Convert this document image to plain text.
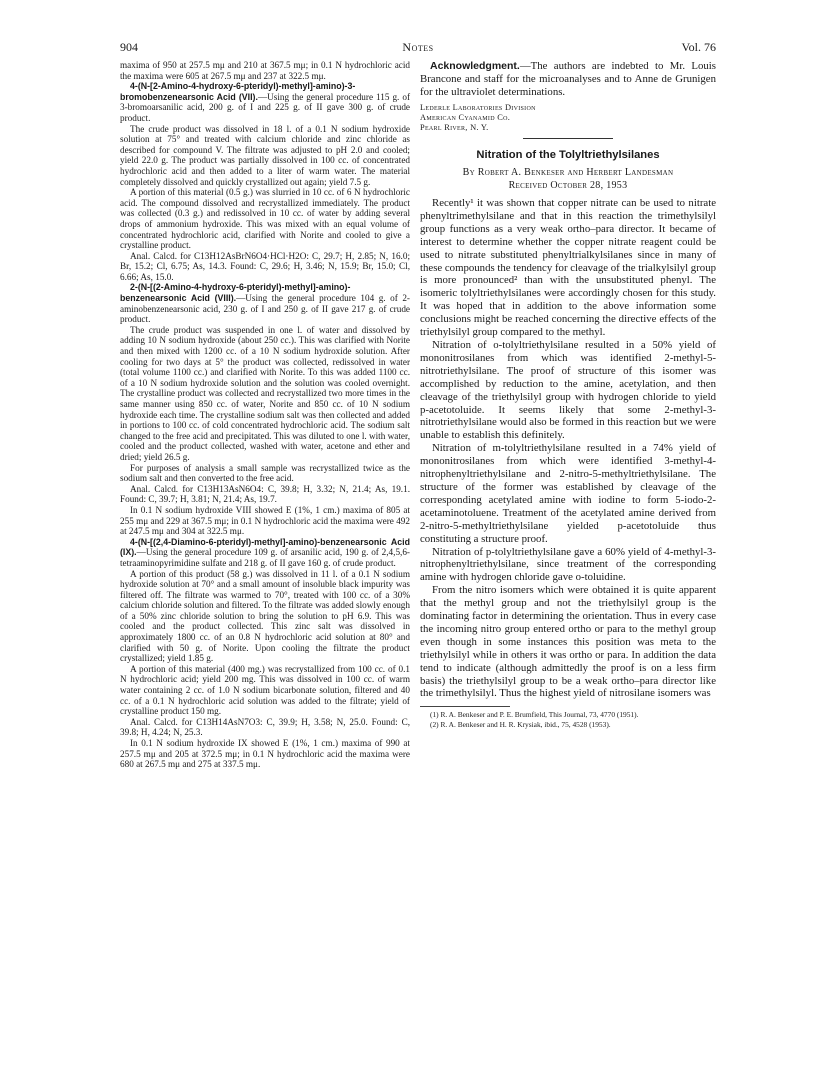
904	Notes	Vol. 76

maxima of 950 at 257.5 mμ and 210 at 367.5 mμ; in 0.1 N hydrochloric acid the maxima were 605 at 267.5 mμ and 237 at 322.5 mμ.

4-(N-[2-Amino-4-hydroxy-6-pteridyl)-methyl]-amino)-3-bromobenzenearsonic Acid (VII).—Using the general procedure 115 g. of 3-bromoarsanilic acid, 200 g. of I and 225 g. of II gave 300 g. of crude product.

The crude product was dissolved in 18 l. of a 0.1 N sodium hydroxide solution at 75° and treated with calcium chloride and zinc chloride as described for compound V. The filtrate was adjusted to pH 2.0 and cooled; yield 22.0 g. The product was partially dissolved in 100 cc. of concentrated hydrochloric acid and then added to a liter of warm water. The material completely dissolved and quickly crystallized out again; yield 7.5 g.

A portion of this material (0.5 g.) was slurried in 10 cc. of 6 N hydrochloric acid. The compound dissolved and recrystallized immediately. The product was collected (0.3 g.) and redissolved in 10 cc. of water by adding several drops of ammonium hydroxide. This was mixed with an equal volume of concentrated hydrochloric acid, clarified with Norite and cooled to give a crystalline product.

Anal. Calcd. for C13H12AsBrN6O4·HCl·H2O: C, 29.7; H, 2.85; N, 16.0; Br, 15.2; Cl, 6.75; As, 14.3. Found: C, 29.6; H, 3.46; N, 15.9; Br, 15.0; Cl, 6.66; As, 15.0.

2-(N-[(2-Amino-4-hydroxy-6-pteridyl)-methyl]-amino)-benzenearsonic Acid (VIII).—Using the general procedure 104 g. of 2-aminobenzenearsonic acid, 230 g. of I and 250 g. of II gave 217 g. of crude product.

The crude product was suspended in one l. of water and dissolved by adding 10 N sodium hydroxide (about 250 cc.). This was clarified with Norite and then mixed with 1200 cc. of a 10 N sodium hydroxide solution. After cooling for two days at 5° the product was collected, redissolved in water (total volume 1100 cc.) and clarified with Norite. To this was added 1100 cc. of a 10 N sodium hydroxide solution and the solution was cooled overnight. The crystalline product was collected and recrystallized two more times in the same manner using 850 cc. of water, Norite and 850 cc. of 10 N sodium hydroxide each time. The crystalline sodium salt was then collected and added in portions to 100 cc. of cold concentrated hydrochloric acid. The sodium salt changed to the free acid and precipitated. This was diluted to one l. with water, cooled and the product collected, washed with water, acetone and ether and dried; yield 26.5 g.

For purposes of analysis a small sample was recrystallized twice as the sodium salt and then converted to the free acid.

Anal. Calcd. for C13H13AsN6O4: C, 39.8; H, 3.32; N, 21.4; As, 19.1. Found: C, 39.7; H, 3.81; N, 21.4; As, 19.7.

In 0.1 N sodium hydroxide VIII showed E (1%, 1 cm.) maxima of 805 at 255 mμ and 229 at 367.5 mμ; in 0.1 N hydrochloric acid the maxima were 492 at 247.5 mμ and 304 at 322.5 mμ.

4-(N-[(2,4-Diamino-6-pteridyl)-methyl]-amino)-benzenearsonic Acid (IX).—Using the general procedure 109 g. of arsanilic acid, 190 g. of 2,4,5,6-tetraaminopyrimidine sulfate and 218 g. of II gave 160 g. of crude product.

A portion of this product (58 g.) was dissolved in 11 l. of a 0.1 N sodium hydroxide solution at 70° and a small amount of insoluble black impurity was filtered off. The filtrate was warmed to 70°, treated with 100 cc. of a 30% calcium chloride solution and filtered. To the filtrate was added slowly enough of a 50% zinc chloride solution to bring the solution to pH 6.9. This was cooled and the product collected. This zinc salt was dissolved in approximately 1800 cc. of an 0.8 N hydrochloric acid solution at 80° and clarified with 50 g. of Norite. Upon cooling the filtrate the product crystallized; yield 1.85 g.

A portion of this material (400 mg.) was recrystallized from 100 cc. of 0.1 N hydrochloric acid; yield 200 mg. This was dissolved in 100 cc. of warm water containing 2 cc. of 1.0 N sodium bicarbonate solution, filtered and 40 cc. of a 0.1 N hydrochloric acid solution was added to the filtrate; yield of crystalline product 150 mg.

Anal. Calcd. for C13H14AsN7O3: C, 39.9; H, 3.58; N, 25.0. Found: C, 39.8; H, 4.24; N, 25.3.

In 0.1 N sodium hydroxide IX showed E (1%, 1 cm.) maxima of 990 at 257.5 mμ and 205 at 372.5 mμ; in 0.1 N hydrochloric acid the maxima were 680 at 267.5 mμ and 275 at 337.5 mμ.

Acknowledgment.—The authors are indebted to Mr. Louis Brancone and staff for the microanalyses and to Anne de Grunigen for the ultraviolet determinations.

Lederle Laboratories Division
American Cyanamid Co.
Pearl River, N. Y.
Nitration of the Tolyltriethylsilanes
By Robert A. Benkeser and Herbert Landesman
Received October 28, 1953

Recently¹ it was shown that copper nitrate can be used to nitrate phenyltrimethylsilane and that in this reaction the trimethylsilyl group functions as a very weak ortho–para director. It became of interest to determine whether the copper nitrate reagent could be used to nitrate substituted phenyltrialkylsilanes since in many of these compounds the tendency for cleavage of the trialkylsilyl group is more pronounced² than with the unsubstituted phenyl. The isomeric tolyltriethylsilanes were accordingly chosen for this study. It was hoped that in addition to the above information some conclusions might be reached concerning the directive effects of the triethylsilyl group compared to the methyl.

Nitration of o-tolyltriethylsilane resulted in a 50% yield of mononitrosilanes from which was identified 2-methyl-5-nitrotriethylsilane. The proof of structure of this isomer was accomplished by reduction to the amine, acetylation, and then cleavage of the triethylsilyl group with hydrogen chloride to yield p-acetotoluide. It seems likely that some 2-methyl-3-nitrotriethylsilane would also be formed in this reaction but we were unable to establish this definitely.

Nitration of m-tolyltriethylsilane resulted in a 74% yield of mononitrosilanes from which were identified 3-methyl-4-nitrophenyltriethylsilane and 2-nitro-5-methyltriethylsilane. The structure of the former was established by cleavage of the corresponding acetylated amine with iodine to form 5-iodo-2-acetaminotoluene. Treatment of the acetylated amine derived from 2-nitro-5-methyltriethylsilane yielded p-acetotoluide thus constituting a structure proof.

Nitration of p-tolyltriethylsilane gave a 60% yield of 4-methyl-3-nitrophenyltriethylsilane, since treatment of the corresponding amine with hydrogen chloride gave o-toluidine.

From the nitro isomers which were obtained it is quite apparent that the methyl group and not the triethylsilyl group is the dominating factor in determining the orientation. Thus in every case the incoming nitro group entered ortho or para to the methyl group even though in some instances this position was meta to the triethylsilyl while in others it was ortho or para. In addition the data tend to indicate (although admittedly the proof is on a less firm basis) the triethylsilyl group to be a weak ortho–para director like the trimethylsilyl. Thus the highest yield of nitrosilane isomers was

(1) R. A. Benkeser and P. E. Brumfield, This Journal, 73, 4770 (1951).

(2) R. A. Benkeser and H. R. Krysiak, ibid., 75, 4528 (1953).
